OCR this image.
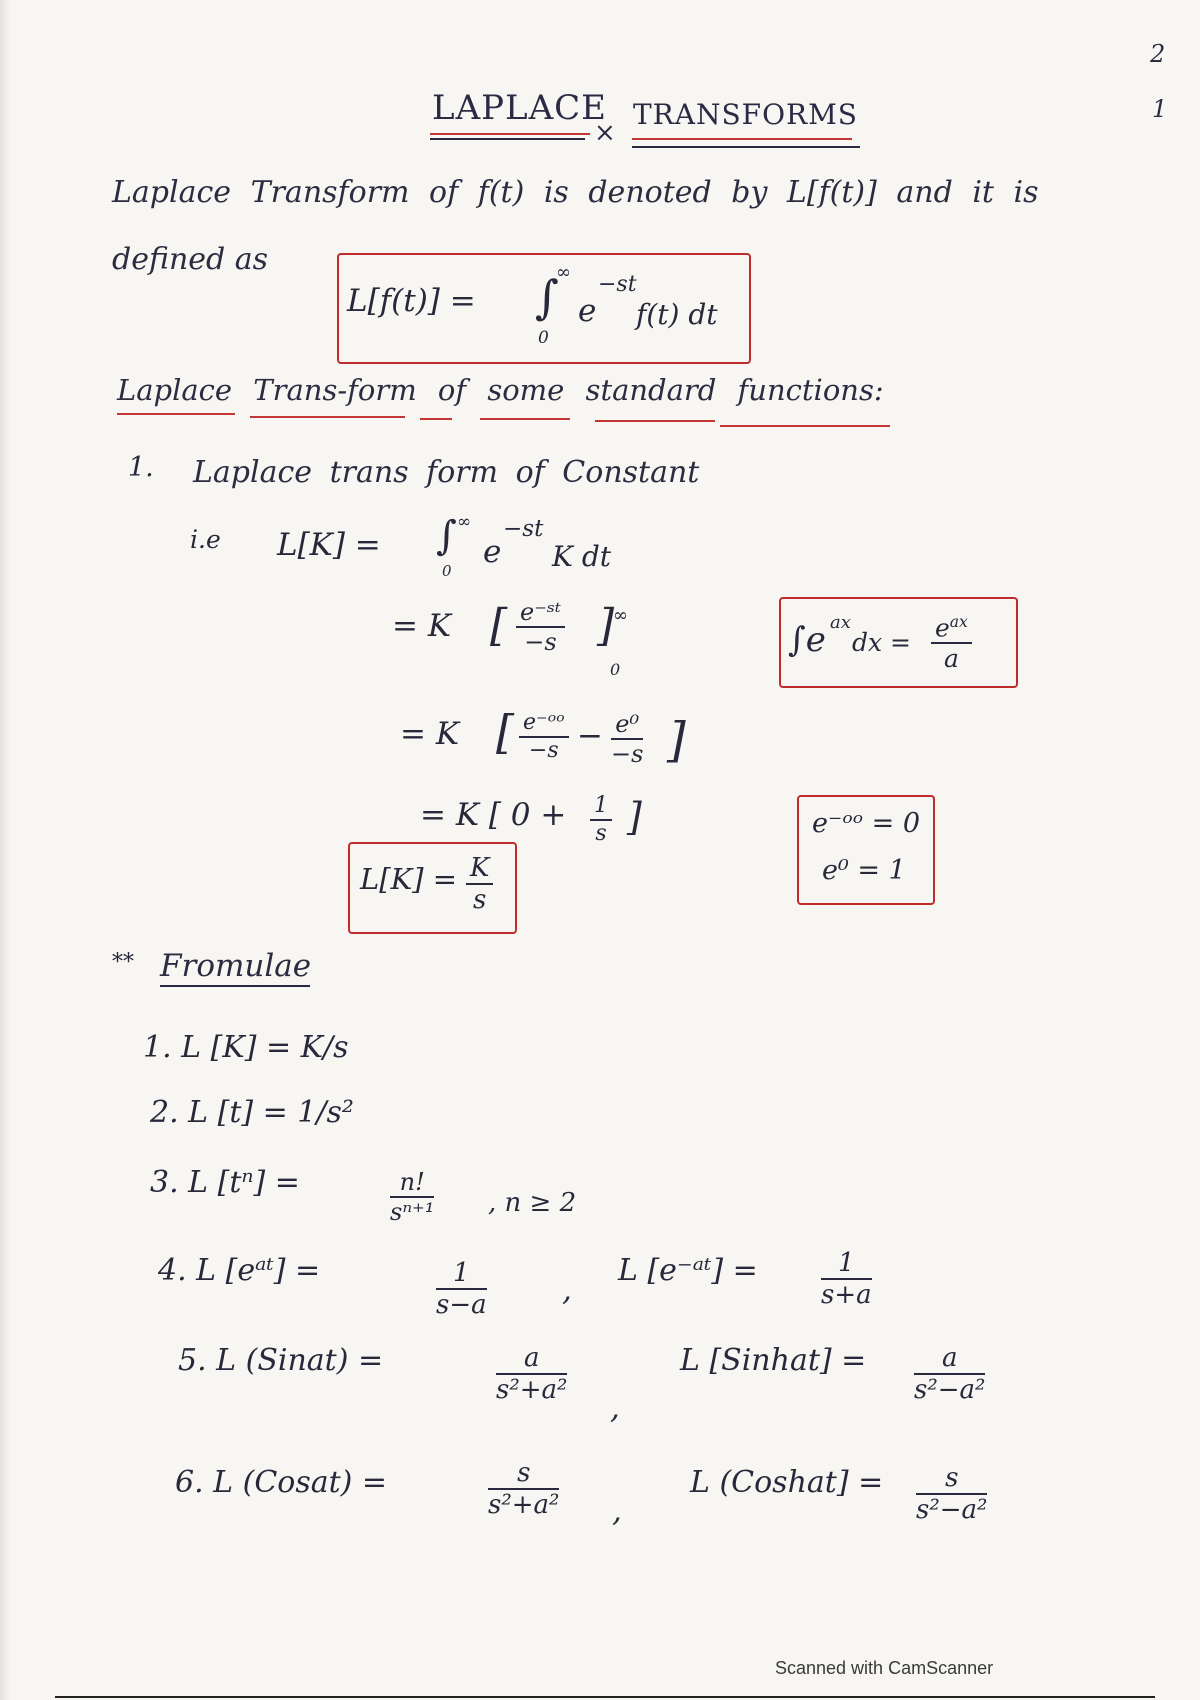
2
1
LAPLACE
×
TRANSFORMS
Laplace Transform of f(t) is denoted by L[f(t)] and it is
defined as
L[f(t)] = ∫
∞
0
e
−st
f(t) dt
Laplace Trans-form of some standard functions:
1. Laplace trans form of Constant
i.e L[K] = ∫ ∞
0
e
−st
K dt
= K [ $\frac{\text{e⁻ˢᵗ}}{-s}$ ]
∞
0
= K [ $\frac{\text{e⁻ᵒᵒ}}{-s} - \frac{\text{e⁰}}{-s}$ ]
= K [ $0 + \frac{1}{s}$ ]
$L[K] = \frac{K}{s}$
∫e ax
dx = $\frac{e^{ax}}{a}$
e⁻ᵒᵒ = 0
e⁰ = 1
** Fromulae
1. L [K] = K/s
2. L [t] = 1/s²
3. L [tⁿ] =	$\frac{n!}{\text{sⁿ⁺¹}}$ , n ≥ 2
4. L [eᵃᵗ] =	$\frac{1}{s-a}$ ,
L [e⁻ᵃᵗ] = $\frac{1}{s+a}$
5. L (Sinat) =	$\frac{a}{\text{s²+a²}}$
,
L [Sinhat] = $\frac{a}{\text{s²−a²}}$
6. L (Cosat) =	$\frac{s}{\text{s²+a²}}$ ,
L (Coshat] = $\frac{s}{\text{s²−a²}}$
Scanned with CamScanner
